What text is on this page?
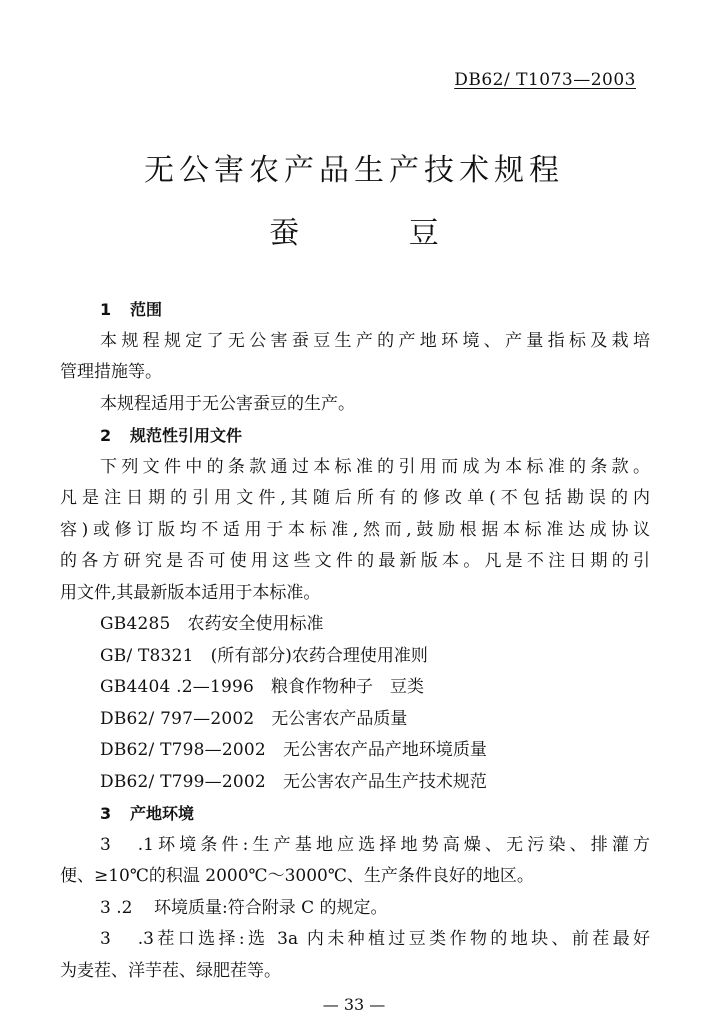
DB62/ T1073—2003
无公害农产品生产技术规程
蚕 豆
1 范围
本规程规定了无公害蚕豆生产的产地环境、产量指标及栽培
管理措施等。
本规程适用于无公害蚕豆的生产。
2 规范性引用文件
下列文件中的条款通过本标准的引用而成为本标准的条款。
凡是注日期的引用文件,其随后所有的修改单(不包括勘误的内
容)或修订版均不适用于本标准,然而,鼓励根据本标准达成协议
的各方研究是否可使用这些文件的最新版本。凡是不注日期的引
用文件,其最新版本适用于本标准。
GB4285　 农药安全使用标准
GB/ T8321　 (所有部分)农药合理使用准则
GB4404 .2—1996　 粮食作物种子　豆类
DB62/ 797—2002　 无公害农产品质量
DB62/ T798—2002　 无公害农产品产地环境质量
DB62/ T799—2002　 无公害农产品生产技术规范
3 产地环境
3 .1环境条件:生产基地应选择地势高燥、无污染、排灌方
便、≥10℃的积温 2000℃～3000℃、生产条件良好的地区。
3 .2 环境质量:符合附录 C 的规定。
3 .3茬口选择:选 3a 内未种植过豆类作物的地块、前茬最好
为麦茬、洋芋茬、绿肥茬等。
— 33 —
